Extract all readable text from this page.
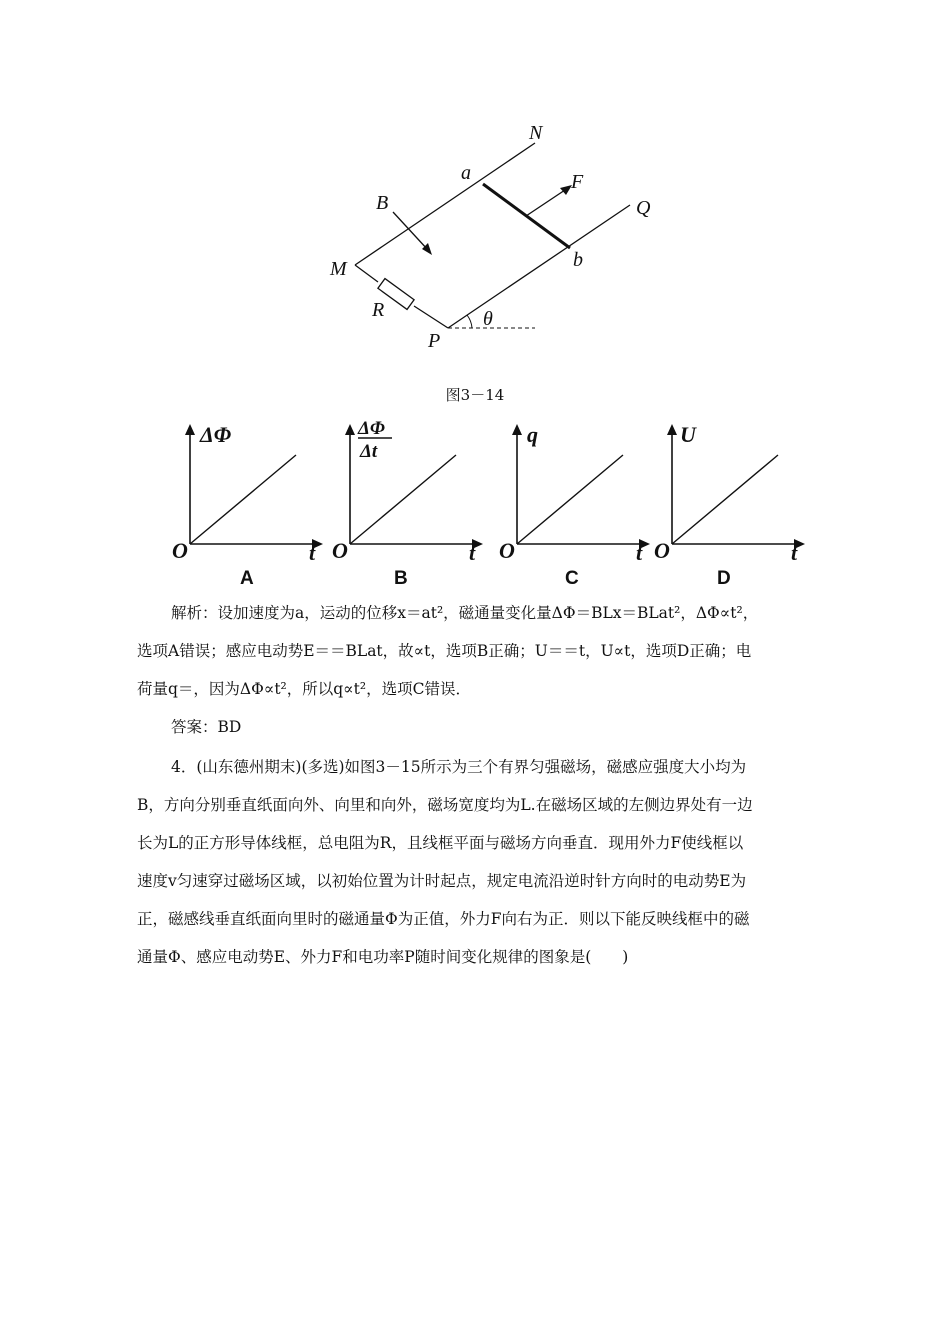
N
a	F
B	Q
M	b
R	θ
P
图3－14
ΔΦ
O	t
A
ΔΦ
Δt
O	t
B
q
O	t
C
U
O	t
D

解析：设加速度为a，运动的位移x＝at²，磁通量变化量ΔΦ＝BLx＝BLat²，ΔΦ∝t²，

选项A错误；感应电动势E＝＝BLat，故∝t，选项B正确；U＝＝t，U∝t，选项D正确；电

荷量q＝，因为ΔΦ∝t²，所以q∝t²，选项C错误．

答案：BD

4．(山东德州期末)(多选)如图3－15所示为三个有界匀强磁场，磁感应强度大小均为

B，方向分别垂直纸面向外、向里和向外，磁场宽度均为L.在磁场区域的左侧边界处有一边

长为L的正方形导体线框，总电阻为R，且线框平面与磁场方向垂直．现用外力F使线框以

速度v匀速穿过磁场区域，以初始位置为计时起点，规定电流沿逆时针方向时的电动势E为

正，磁感线垂直纸面向里时的磁通量Φ为正值，外力F向右为正．则以下能反映线框中的磁

通量Φ、感应电动势E、外力F和电功率P随时间变化规律的图象是(　　)
